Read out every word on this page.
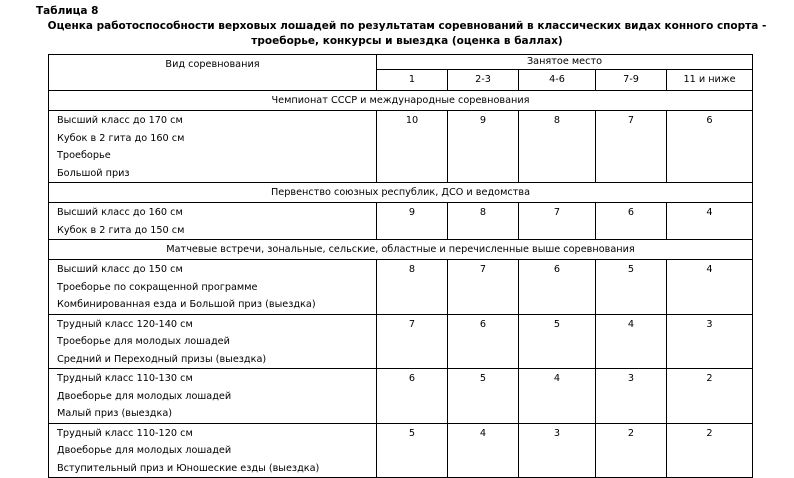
Таблица 8
Оценка работоспособности верховых лошадей по результатам соревнований в классических видах конного спорта -
троеборье, конкурсы и выездка (оценка в баллах)
Вид соревнования	Занятое место				
	1	2-3	4-6	7-9	11 и ниже
Чемпионат СССР и международные соревнования					

Высший класс до 170 см
Кубок в 2 гита до 160 см
Троеборье
Большой приз	10	9	8	7	6
Первенство союзных республик, ДСО и ведомства					

Высший класс до 160 см
Кубок в 2 гита до 150 см	9	8	7	6	4
Матчевые встречи, зональные, сельские, областные и перечисленные выше соревнования					

Высший класс до 150 см
Троеборье по сокращенной программе
Комбинированная езда и Большой приз (выездка)	8	7	6	5	4

Трудный класс 120-140 см
Троеборье для молодых лошадей
Средний и Переходный призы (выездка)	7	6	5	4	3

Трудный класс 110-130 см
Двоеборье для молодых лошадей
Малый приз (выездка)	6	5	4	3	2

Трудный класс 110-120 см
Двоеборье для молодых лошадей
Вступительный приз и Юношеские езды (выездка)	5	4	3	2	2
